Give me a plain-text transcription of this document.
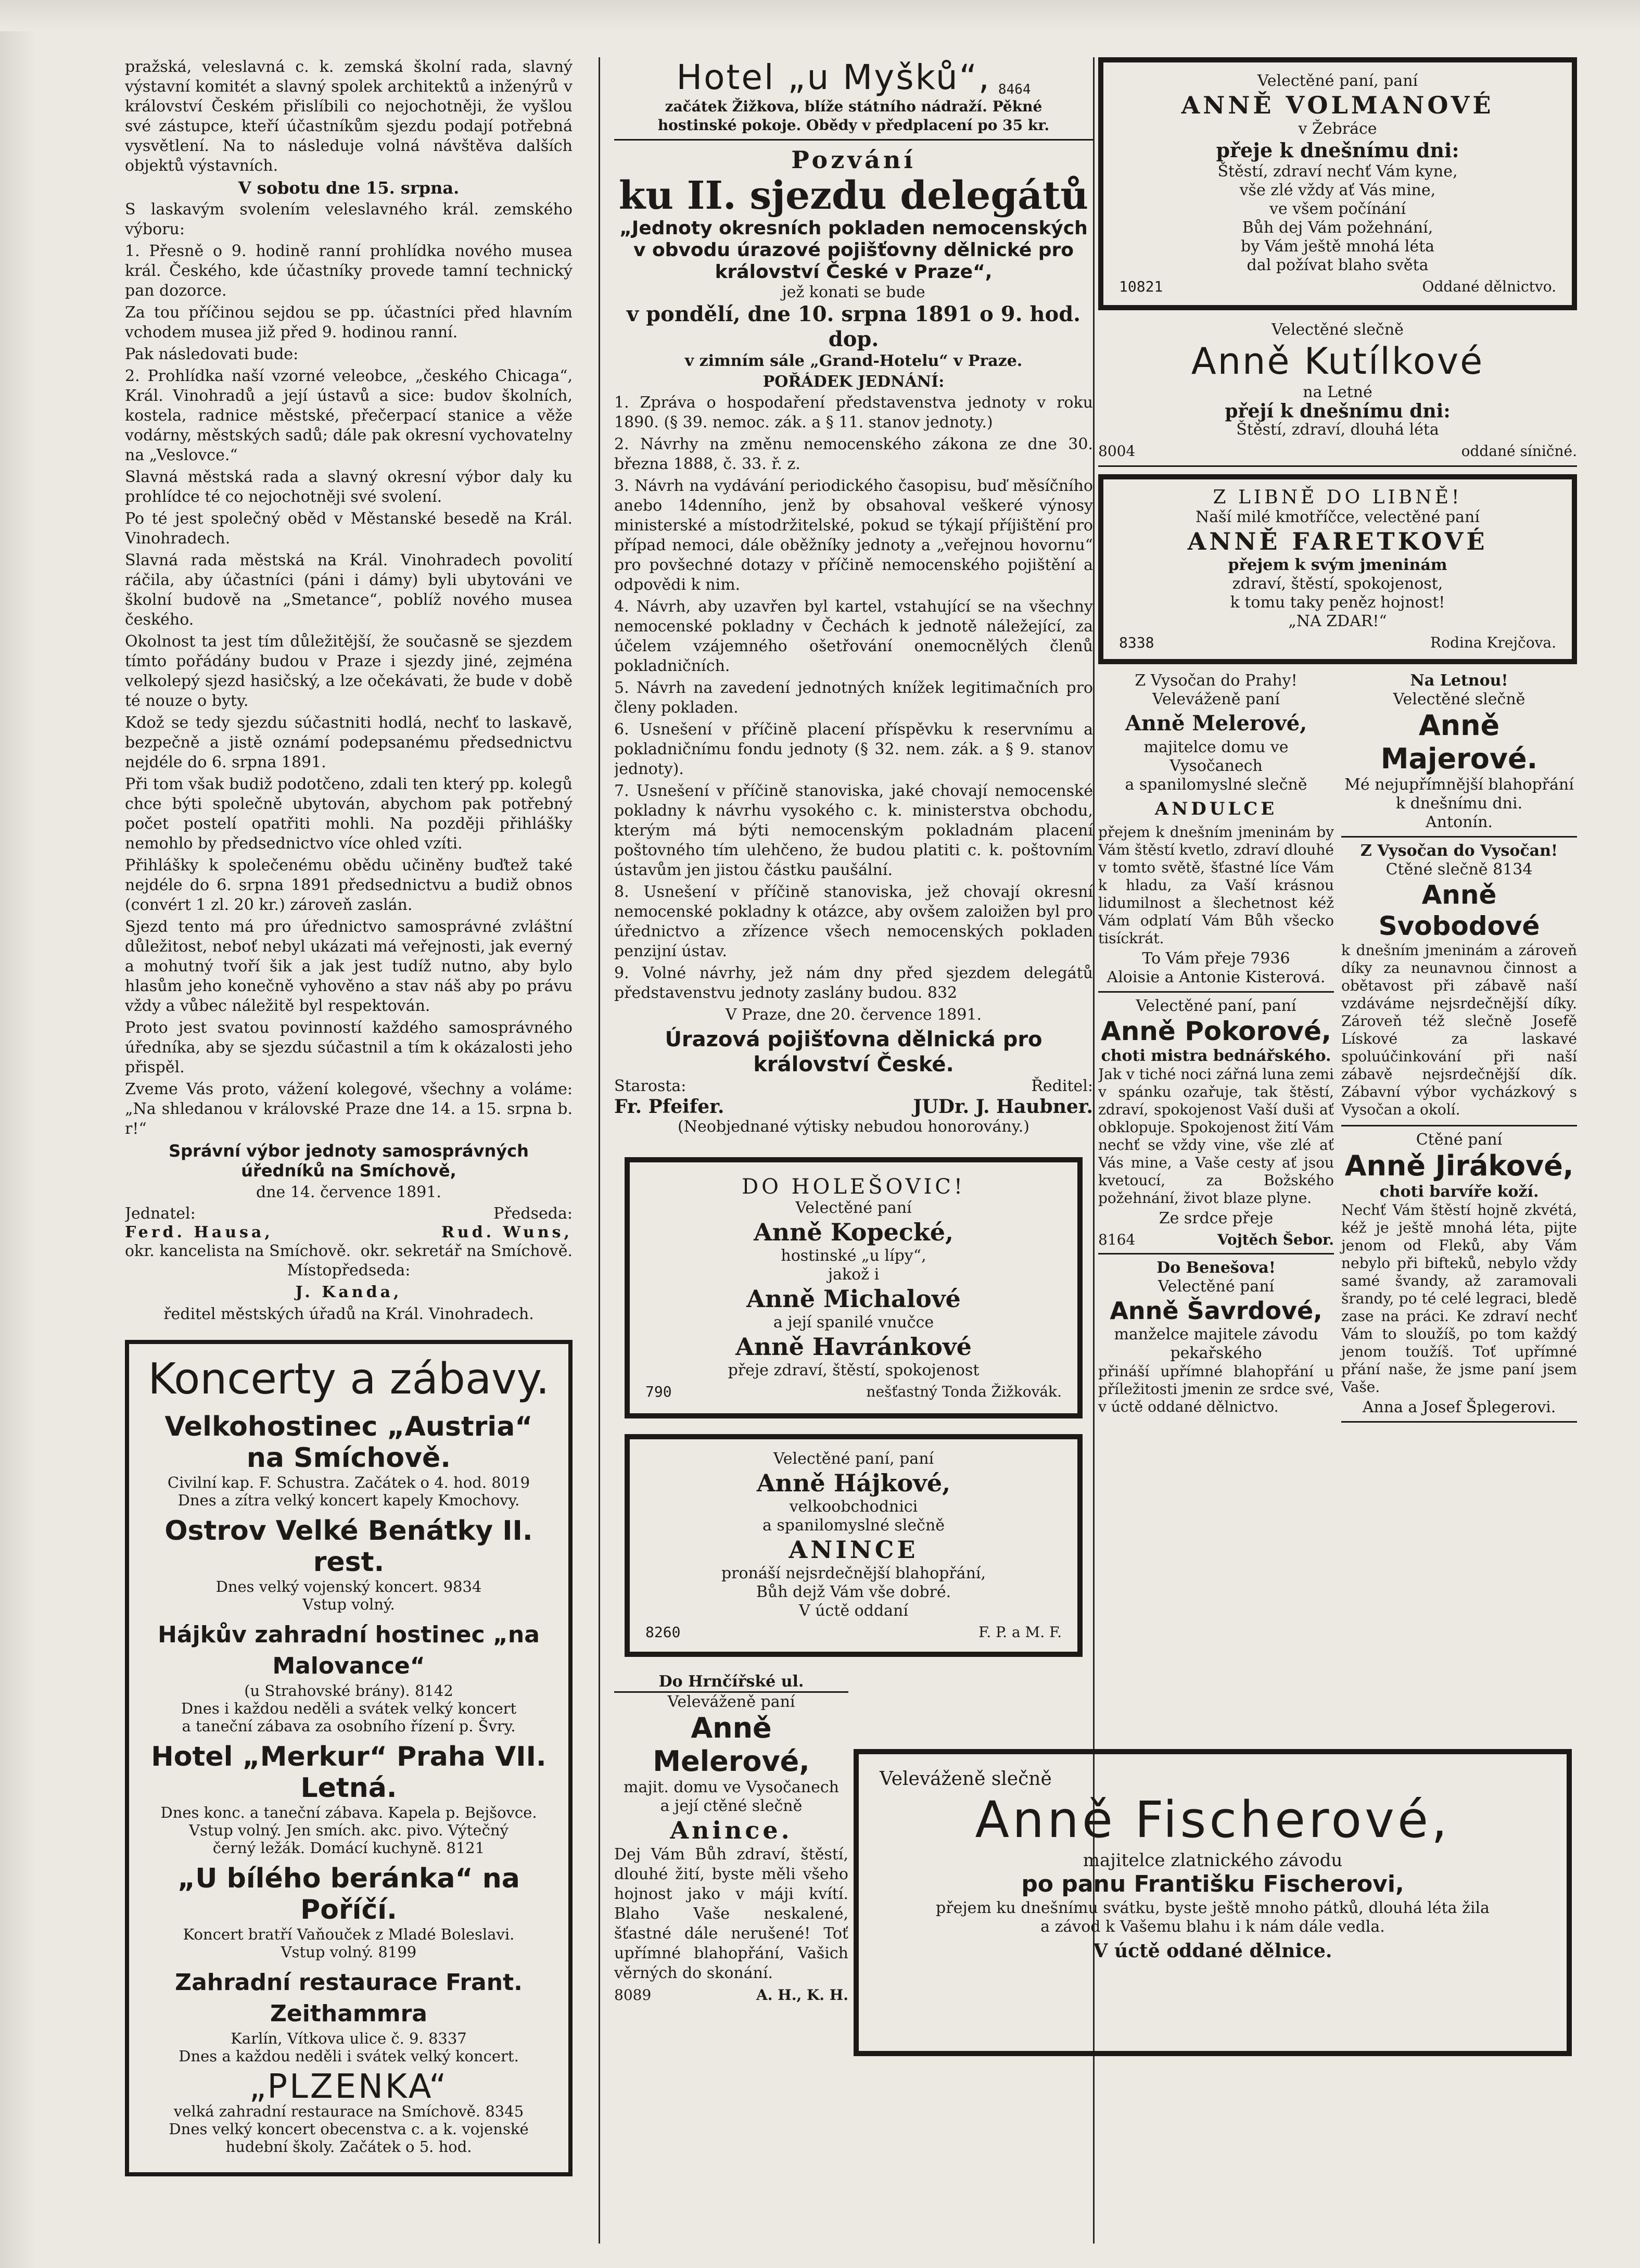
pražská, veleslavná c. k. zemská školní rada, slavný výstavní komitét a slavný spolek architektů a inženýrů v království Českém přislíbili co nejochotněji, že vyšlou své zástupce, kteří účastníkům sjezdu podají potřebná vysvětlení. Na to následuje volná návštěva dalších objektů výstavních.

V sobotu dne 15. srpna.

S laskavým svolením veleslavného král. zemského výboru:

1. Přesně o 9. hodině ranní prohlídka nového musea král. Českého, kde účastníky provede tamní technický pan dozorce.

Za tou příčinou sejdou se pp. účastníci před hlavním vchodem musea již před 9. hodinou ranní.

Pak následovati bude:

2. Prohlídka naší vzorné veleobce, „českého Chicaga“, Král. Vinohradů a její ústavů a sice: budov školních, kostela, radnice městské, přečerpací stanice a věže vodárny, městských sadů; dále pak okresní vychovatelny na „Veslovce.“

Slavná městská rada a slavný okresní výbor daly ku prohlídce té co nejochotněji své svolení.

Po té jest společný oběd v Městanské besedě na Král. Vinohradech.

Slavná rada městská na Král. Vinohradech povolití ráčila, aby účastníci (páni i dámy) byli ubytováni ve školní budově na „Smetance“, poblíž nového musea českého.

Okolnost ta jest tím důležitější, že současně se sjezdem tímto pořádány budou v Praze i sjezdy jiné, zejména velkolepý sjezd hasičský, a lze očekávati, že bude v době té nouze o byty.

Kdož se tedy sjezdu súčastniti hodlá, nechť to laskavě, bezpečně a jistě oznámí podepsanému předsednictvu nejdéle do 6. srpna 1891.

Při tom však budiž podotčeno, zdali ten který pp. kolegů chce býti společně ubytován, abychom pak potřebný počet postelí opatřiti mohli. Na později přihlášky nemohlo by předsednictvo více ohled vzíti.

Přihlášky k společenému obědu učiněny buďtež také nejdéle do 6. srpna 1891 předsednictvu a budiž obnos (convért 1 zl. 20 kr.) zároveň zaslán.

Sjezd tento má pro úřednictvo samosprávné zvláštní důležitost, neboť nebyl ukázati má veřejnosti, jak everný a mohutný tvoří šik a jak jest tudíž nutno, aby bylo hlasům jeho konečně vyhověno a stav náš aby po právu vždy a vůbec náležitě byl respektován.

Proto jest svatou povinností každého samosprávného úředníka, aby se sjezdu súčastnil a tím k okázalosti jeho přispěl.

Zveme Vás proto, vážení kolegové, všechny a voláme: „Na shledanou v královské Praze dne 14. a 15. srpna b. r!“

Správní výbor jednoty samosprávných úředníků na Smíchově,

dne 14. července 1891.

Jednatel:	Předseda:
Ferd. Hausa,	Rud. Wuns,
okr. kancelista na Smíchově. okr. sekretář na Smíchově.

Místopředseda:

J. Kanda,

ředitel městských úřadů na Král. Vinohradech.

Koncerty a zábavy.
Velkohostinec „Austria“ na Smíchově.
Civilní kap. F. Schustra. Začátek o 4. hod. 8019
Dnes a zítra velký koncert kapely Kmochovy.
Ostrov Velké Benátky II. rest.
Dnes velký vojenský koncert. 9834
Vstup volný.
Hájkův zahradní hostinec „na Malovance“
(u Strahovské brány). 8142
Dnes i každou neděli a svátek velký koncert
a taneční zábava za osobního řízení p. Švry.
Hotel „Merkur“ Praha VII. Letná.
Dnes konc. a taneční zábava. Kapela p. Bejšovce.
Vstup volný. Jen smích. akc. pivo. Výtečný
černý ležák. Domácí kuchyně. 8121
„U bílého beránka“ na Poříčí.
Koncert bratří Vaňouček z Mladé Boleslavi.
Vstup volný. 8199
Zahradní restaurace Frant. Zeithammra
Karlín, Vítkova ulice č. 9. 8337
Dnes a každou neděli i svátek velký koncert.
„PLZENKA“
velká zahradní restaurace na Smíchově. 8345
Dnes velký koncert obecenstva c. a k. vojenské
hudební školy. Začátek o 5. hod.
Hotel „u Myšků“, 8464
začátek Žižkova, blíže státního nádraží. Pěkné
hostinské pokoje. Obědy v předplacení po 35 kr.
Pozvání
ku II. sjezdu delegátů
„Jednoty okresních pokladen nemocenských v obvodu úrazové pojišťovny dělnické pro království České v Praze“,
jež konati se bude
v pondělí, dne 10. srpna 1891 o 9. hod. dop.
v zimním sále „Grand-Hotelu“ v Praze.
POŘÁDEK JEDNÁNÍ:

1. Zpráva o hospodaření představenstva jednoty v roku 1890. (§ 39. nemoc. zák. a § 11. stanov jednoty.)

2. Návrhy na změnu nemocenského zákona ze dne 30. března 1888, č. 33. ř. z.

3. Návrh na vydávání periodického časopisu, buď měsíčního anebo 14denního, jenž by obsahoval veškeré výnosy ministerské a místodržitelské, pokud se týkají příjištění pro případ nemoci, dále oběžníky jednoty a „veřejnou hovornu“ pro povšechné dotazy v příčině nemocenského pojištění a odpovědi k nim.

4. Návrh, aby uzavřen byl kartel, vstahující se na všechny nemocenské pokladny v Čechách k jednotě náležející, za účelem vzájemného ošetřování onemocnělých členů pokladničních.

5. Návrh na zavedení jednotných knížek legitimačních pro členy pokladen.

6. Usnešení v příčině placení příspěvku k reservnímu a pokladničnímu fondu jednoty (§ 32. nem. zák. a § 9. stanov jednoty).

7. Usnešení v příčině stanoviska, jaké chovají nemocenské pokladny k návrhu vysokého c. k. ministerstva obchodu, kterým má býti nemocenským pokladnám placení poštovného tím ulehčeno, že budou platiti c. k. poštovním ústavům jen jistou částku paušální.

8. Usnešení v příčině stanoviska, jež chovají okresní nemocenské pokladny k otázce, aby ovšem zaloižen byl pro úřednictvo a zřízence všech nemocenských pokladen penzijní ústav.

9. Volné návrhy, jež nám dny před sjezdem delegátů představenstvu jednoty zaslány budou. 832

V Praze, dne 20. července 1891.

Úrazová pojišťovna dělnická pro království České.
Starosta:	Ředitel:
Fr. Pfeifer.	JUDr. J. Haubner.
(Neobjednané výtisky nebudou honorovány.)
DO HOLEŠOVIC!
Velectěné paní
Anně Kopecké,
hostinské „u lípy“,
jakož i
Anně Michalové
a její spanilé vnučce
Anně Havránkové
přeje zdraví, štěstí, spokojenost
790	nešťastný Tonda Žižkovák.
Velectěné paní, paní
Anně Hájkové,
velkoobchodnici
a spanilomyslné slečně
ANINCE
pronáší nejsrdečnější blahopřání,
Bůh dejž Vám vše dobré.
V úctě oddaní
8260	F. P. a M. F.
Do Hrnčířské ul.
Veleváženě paní
Anně Melerové,
majit. domu ve Vysočanech
a její ctěné slečně
Anince.

Dej Vám Bůh zdraví, štěstí, dlouhé žití, byste měli všeho hojnost jako v máji kvítí. Blaho Vaše neskalené, šťastné dále nerušené! Toť upřímné blahopřání, Vašich věrných do skonání.

8089	A. H., K. H.
Velectěné paní, paní
ANNĚ VOLMANOVÉ
v Žebráce
přeje k dnešnímu dni:
Štěstí, zdraví nechť Vám kyne,
vše zlé vždy ať Vás mine,
ve všem počínání
Bůh dej Vám požehnání,
by Vám ještě mnohá léta
dal požívat blaho světa
10821	Oddané dělnictvo.
Velectěné slečně
Anně Kutílkové
na Letné
přejí k dnešnímu dni:
Štěstí, zdraví, dlouhá léta
8004	oddané síničné.
Z LIBNĚ DO LIBNĚ!
Naší milé kmotříčce, velectěné paní
ANNĚ FARETKOVÉ
přejem k svým jmeninám
zdraví, štěstí, spokojenost,
k tomu taky peněz hojnost!
„NA ZDAR!“
8338	Rodina Krejčova.
Z Vysočan do Prahy!
Veleváženě paní
Anně Melerové,
majitelce domu ve Vysočanech
a spanilomyslné slečně
ANDULCE

přejem k dnešním jmeninám by Vám štěstí kvetlo, zdraví dlouhé v tomto světě, šťastné líce Vám k hladu, za Vaší krásnou lidumilnost a šlechetnost kéž Vám odplatí Vám Bůh všecko tisíckrát.

To Vám přeje 7936
Aloisie a Antonie Kisterová.
Velectěné paní, paní
Anně Pokorové,
choti mistra bednářského.

Jak v tiché noci zářná luna zemi v spánku ozařuje, tak štěstí, zdraví, spokojenost Vaší duši ať obklopuje. Spokojenost žití Vám nechť se vždy vine, vše zlé ať Vás mine, a Vaše cesty ať jsou kvetoucí, za Božského požehnání, život blaze plyne.

Ze srdce přeje
8164	Vojtěch Šebor.
Do Benešova!
Velectěné paní
Anně Šavrdové,
manželce majitele závodu pekařského

přináší upřímné blahopřání u příležitosti jmenin ze srdce své, v úctě oddané dělnictvo.

Na Letnou!
Velectěné slečně
Anně Majerové.
Mé nejupřímnější blahopřání k dnešnímu dni.
Antonín.
Z Vysočan do Vysočan!
Ctěné slečně 8134
Anně Svobodové

k dnešním jmeninám a zároveň díky za neunavnou činnost a obětavost při zábavě naší vzdáváme nejsrdečnější díky. Zároveň též slečně Josefě Lískové za laskavé spoluúčinkování při naší zábavě nejsrdečnější dík. Zábavní výbor vycházkový s Vysočan a okolí.

Ctěné paní
Anně Jirákové,
choti barvíře koží.

Nechť Vám štěstí hojně zkvétá, kéž je ještě mnohá léta, pijte jenom od Fleků, aby Vám nebylo při bifteků, nebylo vždy samé švandy, až zaramovali šrandy, po té celé legraci, bledě zase na práci. Ke zdraví nechť Vám to sloužíš, po tom každý jenom toužíš. Toť upřímné přání naše, že jsme paní jsem Vaše.

Anna a Josef Šplegerovi.
Veleváženě slečně
Anně Fischerové,
majitelce zlatnického závodu
po panu Františku Fischerovi,
přejem ku dnešnímu svátku, byste ještě mnoho pátků, dlouhá léta žila
a závod k Vašemu blahu i k nám dále vedla.
V úctě oddané dělnice.
